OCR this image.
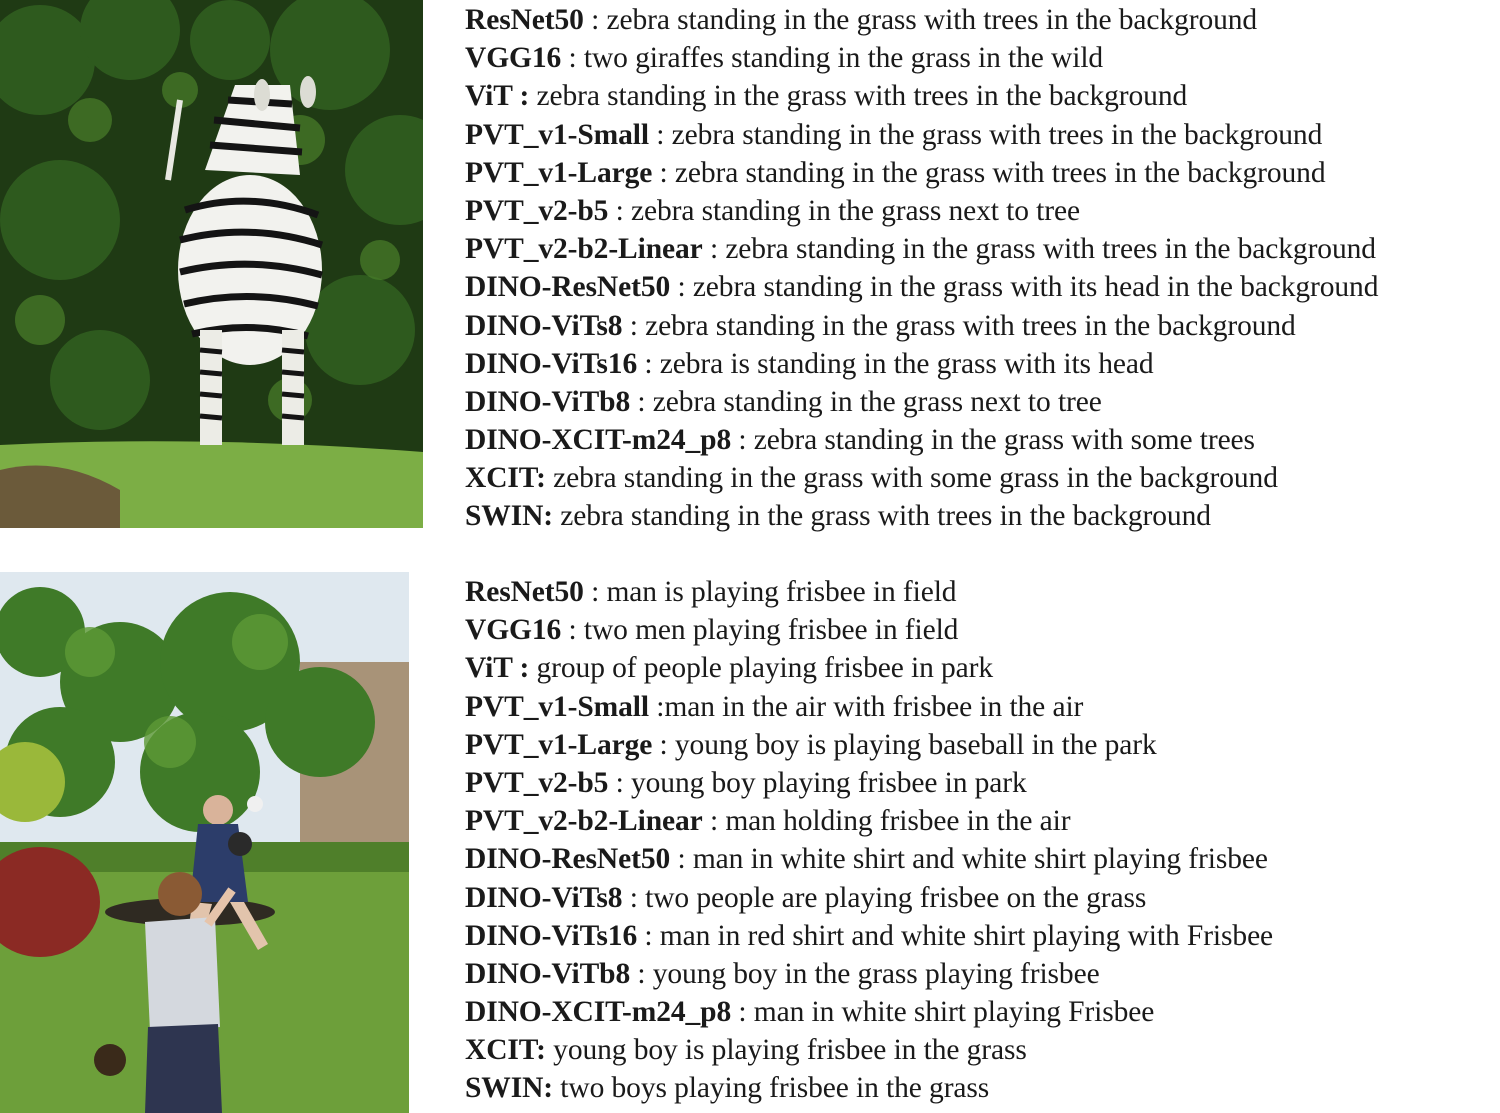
ResNet50 : zebra standing in the grass with trees in the background
VGG16 : two giraffes standing in the grass in the wild
ViT : zebra standing in the grass with trees in the background
PVT_v1-Small : zebra standing in the grass with trees in the background
PVT_v1-Large : zebra standing in the grass with trees in the background
PVT_v2-b5 : zebra standing in the grass next to tree
PVT_v2-b2-Linear : zebra standing in the grass with trees in the background
DINO-ResNet50 : zebra standing in the grass with its head in the background
DINO-ViTs8 : zebra standing in the grass with trees in the background
DINO-ViTs16 : zebra is standing in the grass with its head
DINO-ViTb8 : zebra standing in the grass next to tree
DINO-XCIT-m24_p8 : zebra standing in the grass with some trees
XCIT: zebra standing in the grass with some grass in the background
SWIN: zebra standing in the grass with trees in the background
ResNet50 : man is playing frisbee in field
VGG16 : two men playing frisbee in field
ViT : group of people playing frisbee in park
PVT_v1-Small :man in the air with frisbee in the air
PVT_v1-Large : young boy is playing baseball in the park
PVT_v2-b5 : young boy playing frisbee in park
PVT_v2-b2-Linear : man holding frisbee in the air
DINO-ResNet50 : man in white shirt and white shirt playing frisbee
DINO-ViTs8 : two people are playing frisbee on the grass
DINO-ViTs16 : man in red shirt and white shirt playing with Frisbee
DINO-ViTb8 : young boy in the grass playing frisbee
DINO-XCIT-m24_p8 : man in white shirt playing Frisbee
XCIT: young boy is playing frisbee in the grass
SWIN: two boys playing frisbee in the grass
